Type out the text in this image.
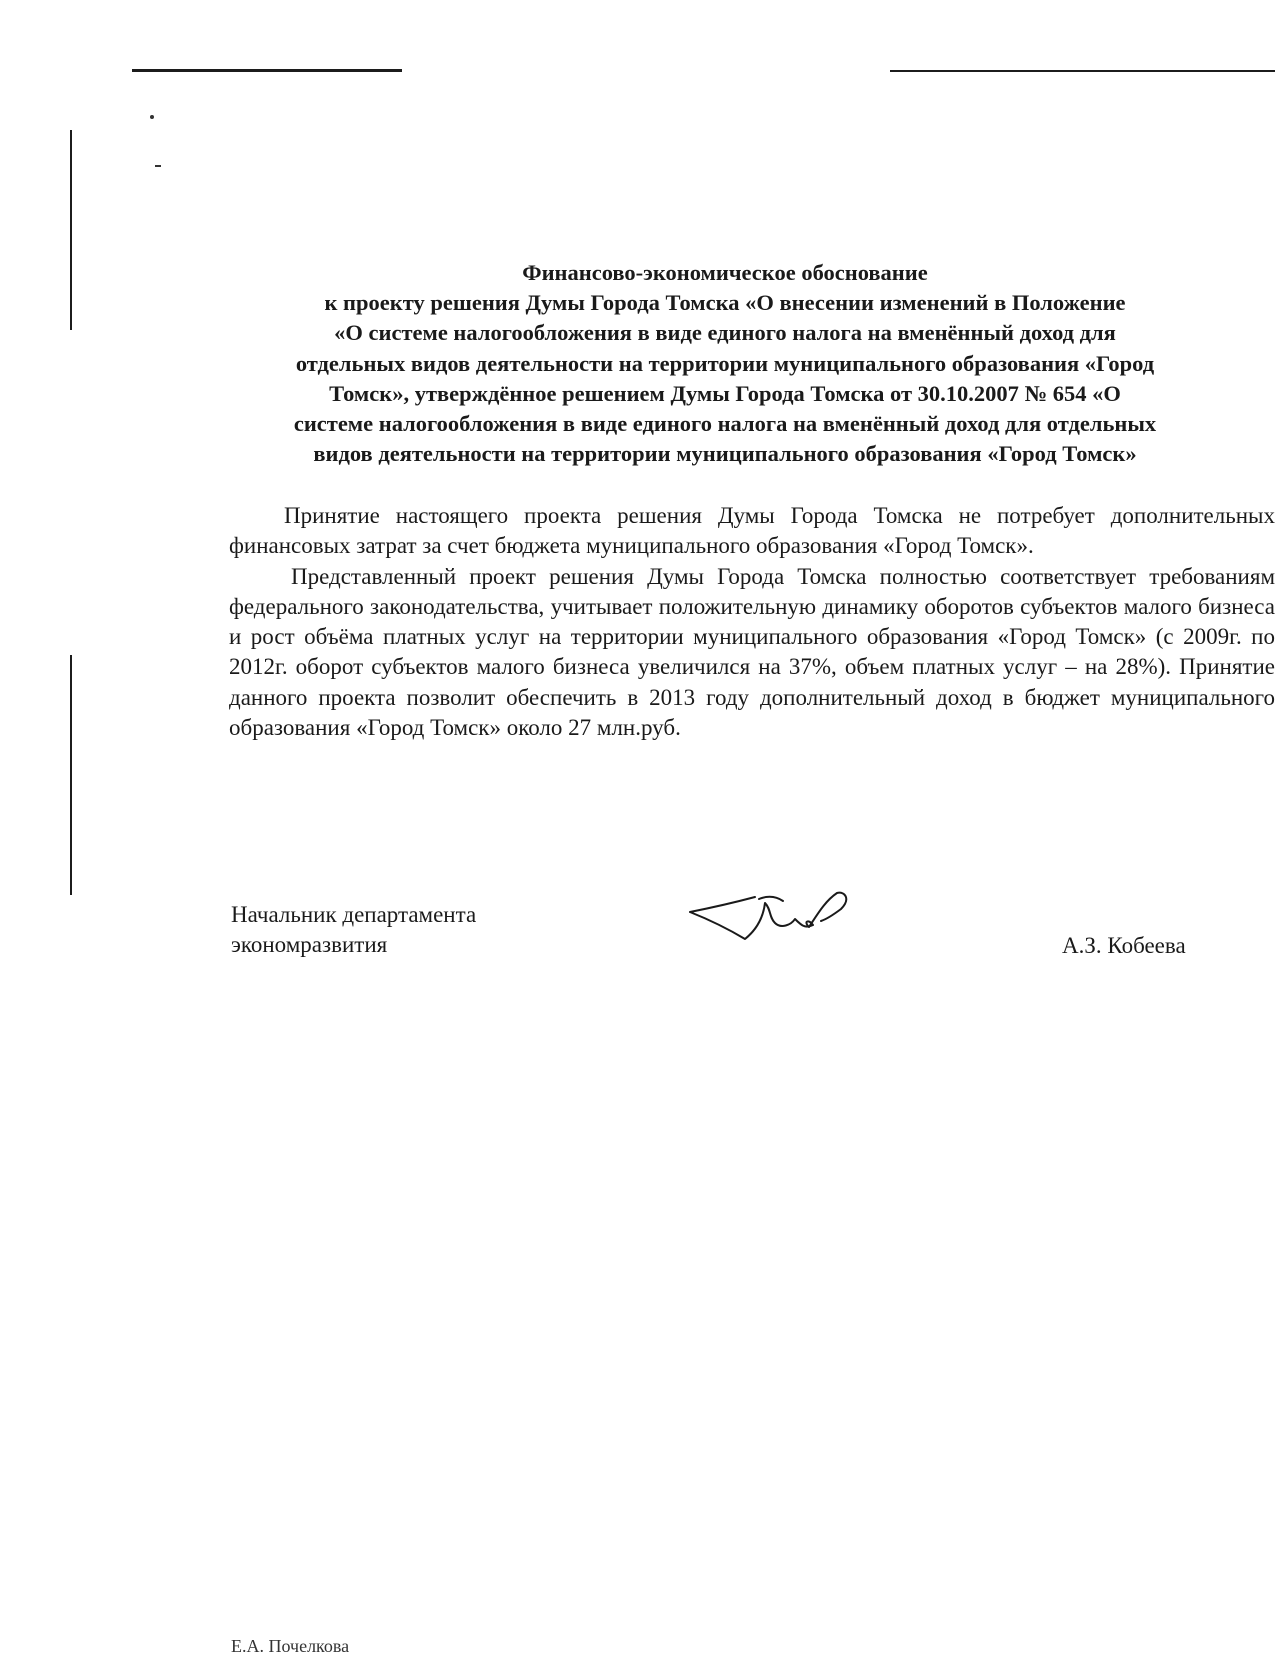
Финансово-экономическое обоснование
к проекту решения Думы Города Томска «О внесении изменений в Положение
«О системе налогообложения в виде единого налога на вменённый доход для
отдельных видов деятельности на территории муниципального образования «Город
Томск», утверждённое решением Думы Города Томска от 30.10.2007 № 654 «О
системе налогообложения в виде единого налога на вменённый доход для отдельных
видов деятельности на территории муниципального образования «Город Томск»

Принятие настоящего проекта решения Думы Города Томска не потребует дополнительных финансовых затрат за счет бюджета муниципального образования «Город Томск».

Представленный проект решения Думы Города Томска полностью соответствует требованиям федерального законодательства, учитывает положительную динамику оборотов субъектов малого бизнеса и рост объёма платных услуг на территории муниципального образования «Город Томск» (с 2009г. по 2012г. оборот субъектов малого бизнеса увеличился на 37%, объем платных услуг – на 28%). Принятие данного проекта позволит обеспечить в 2013 году дополнительный доход в бюджет муниципального образования «Город Томск» около 27 млн.руб.

Начальник департамента
экономразвития	А.З. Кобеева
Е.А. Почелкова
